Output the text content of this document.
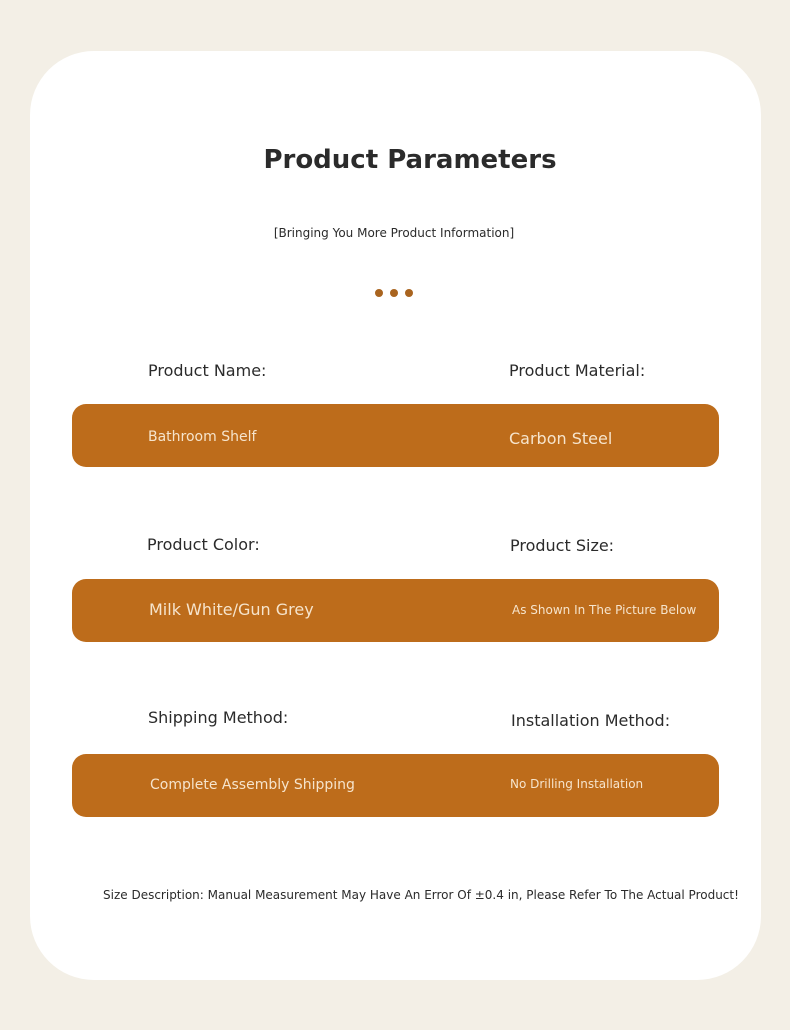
Product Parameters

[Bringing You More Product Information]

Product Name:	Product Material:
Bathroom Shelf	Carbon Steel
Product Color:	Product Size:
Milk White/Gun Grey	As Shown In The Picture Below
Shipping Method:	Installation Method:
Complete Assembly Shipping	No Drilling Installation
Size Description: Manual Measurement May Have An Error Of ±0.4 in, Please Refer To The Actual Product!
